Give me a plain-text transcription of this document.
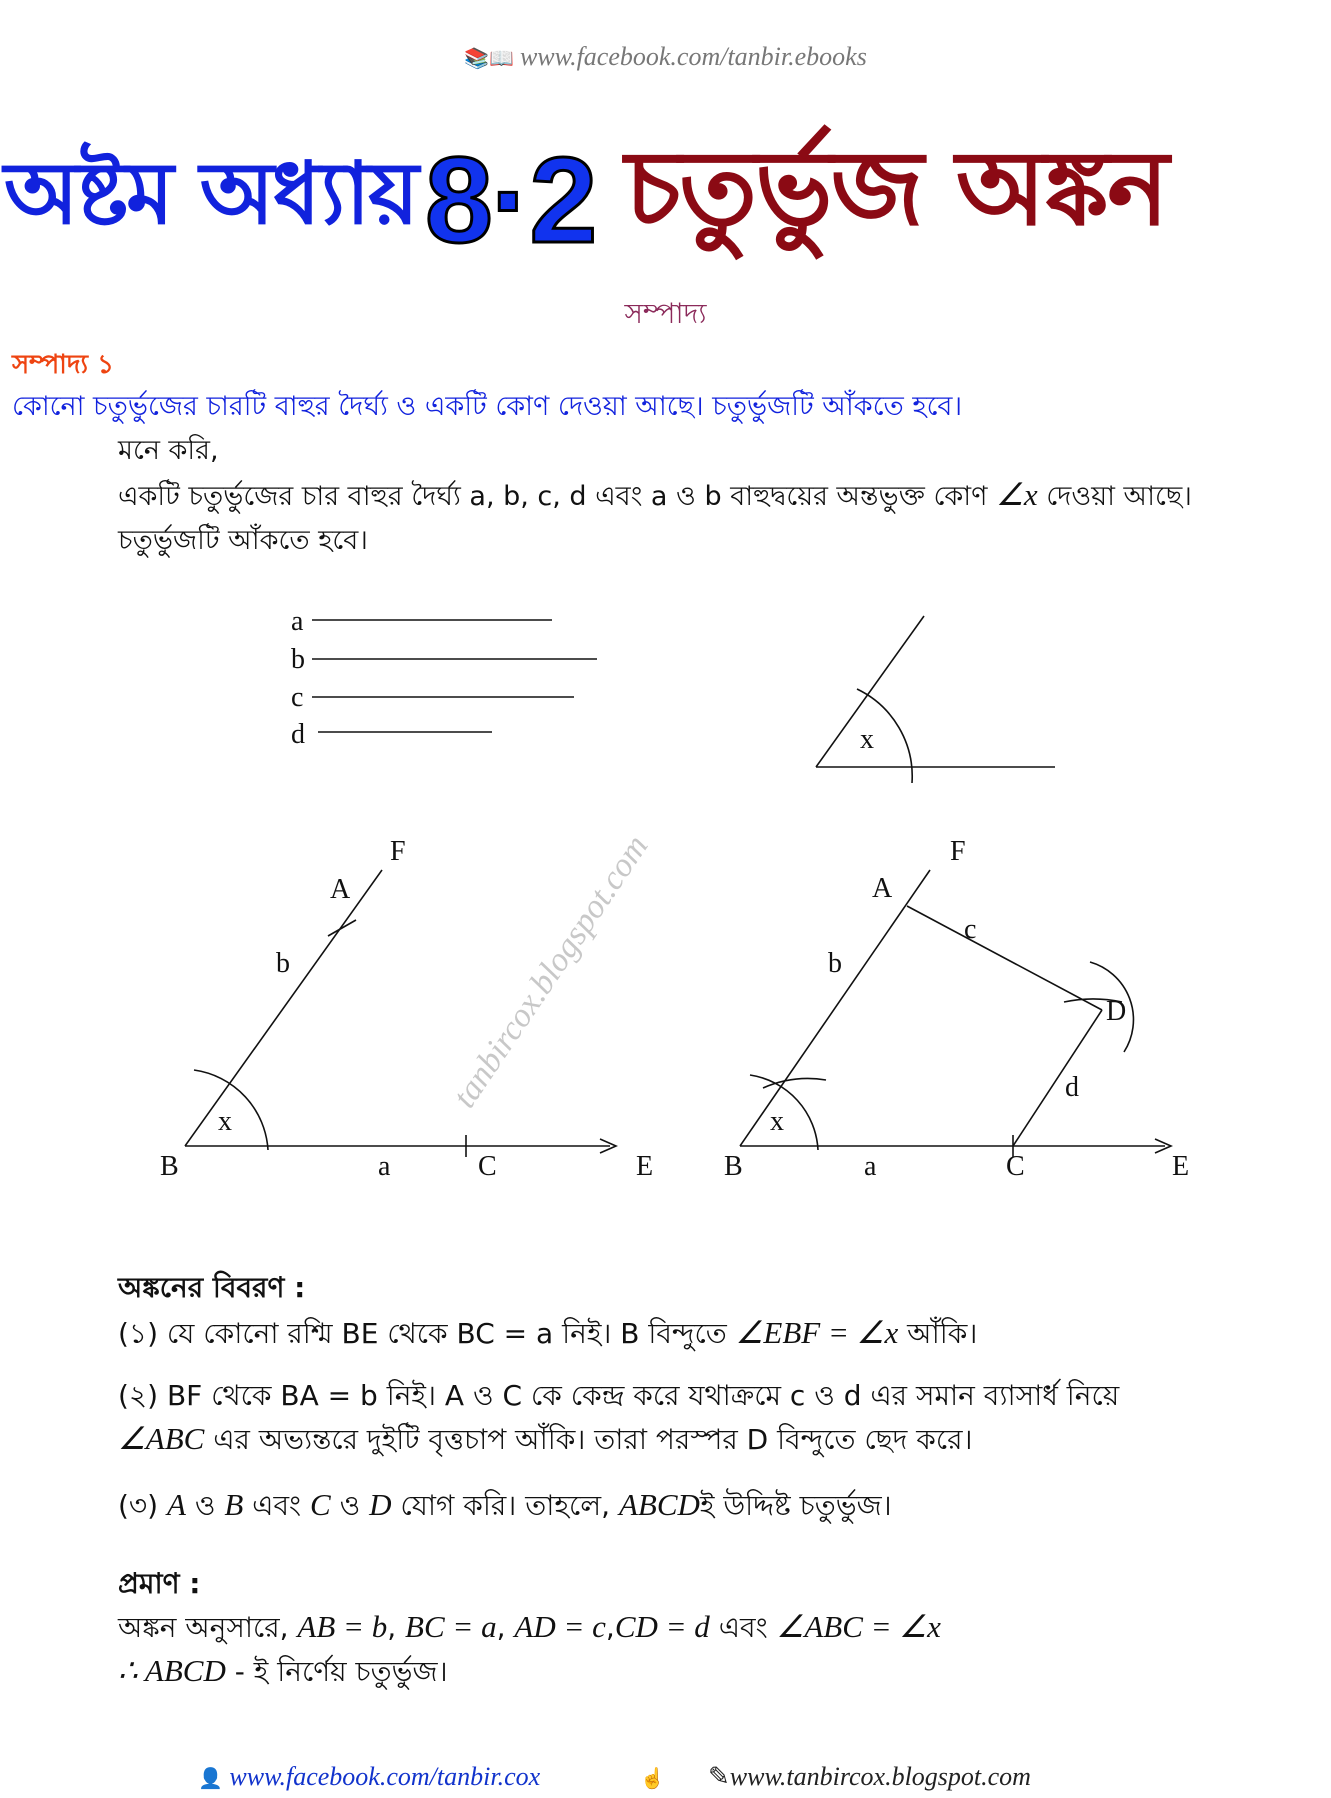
📚📖 www.facebook.com/tanbir.ebooks
অষ্টম অধ্যায় 8·2 চতুর্ভুজ অঙ্কন
সম্পাদ্য
সম্পাদ্য ১
কোনো চতুর্ভুজের চারটি বাহুর দৈর্ঘ্য ও একটি কোণ দেওয়া আছে। চতুর্ভুজটি আঁকতে হবে।
মনে করি,
একটি চতুর্ভুজের চার বাহুর দৈর্ঘ্য a, b, c, d এবং a ও b বাহুদ্বয়ের অন্তভুক্ত কোণ ∠x দেওয়া আছে।
চতুর্ভুজটি আঁকতে হবে।
a
b
c
d	x
tanbircox.blogspot.com
F
A
b
x
B	a	C	E
F
A
c
b
D
d
x
B	a	C	E
অঙ্কনের বিবরণ :
(১) যে কোনো রশ্মি BE থেকে BC = a নিই। B বিন্দুতে ∠EBF = ∠x আঁকি।
(২) BF থেকে BA = b নিই। A ও C কে কেন্দ্র করে যথাক্রমে c ও d এর সমান ব্যাসার্ধ নিয়ে
∠ABC এর অভ্যন্তরে দুইটি বৃত্তচাপ আঁকি। তারা পরস্পর D বিন্দুতে ছেদ করে।
(৩) A ও B এবং C ও D যোগ করি। তাহলে, ABCDই উদ্দিষ্ট চতুর্ভুজ।
প্রমাণ :
অঙ্কন অনুসারে, AB = b, BC = a, AD = c,CD = d এবং ∠ABC = ∠x
∴ ABCD - ই নির্ণেয় চতুর্ভুজ।
👤 www.facebook.com/tanbir.cox	☝ ✎www.tanbircox.blogspot.com
